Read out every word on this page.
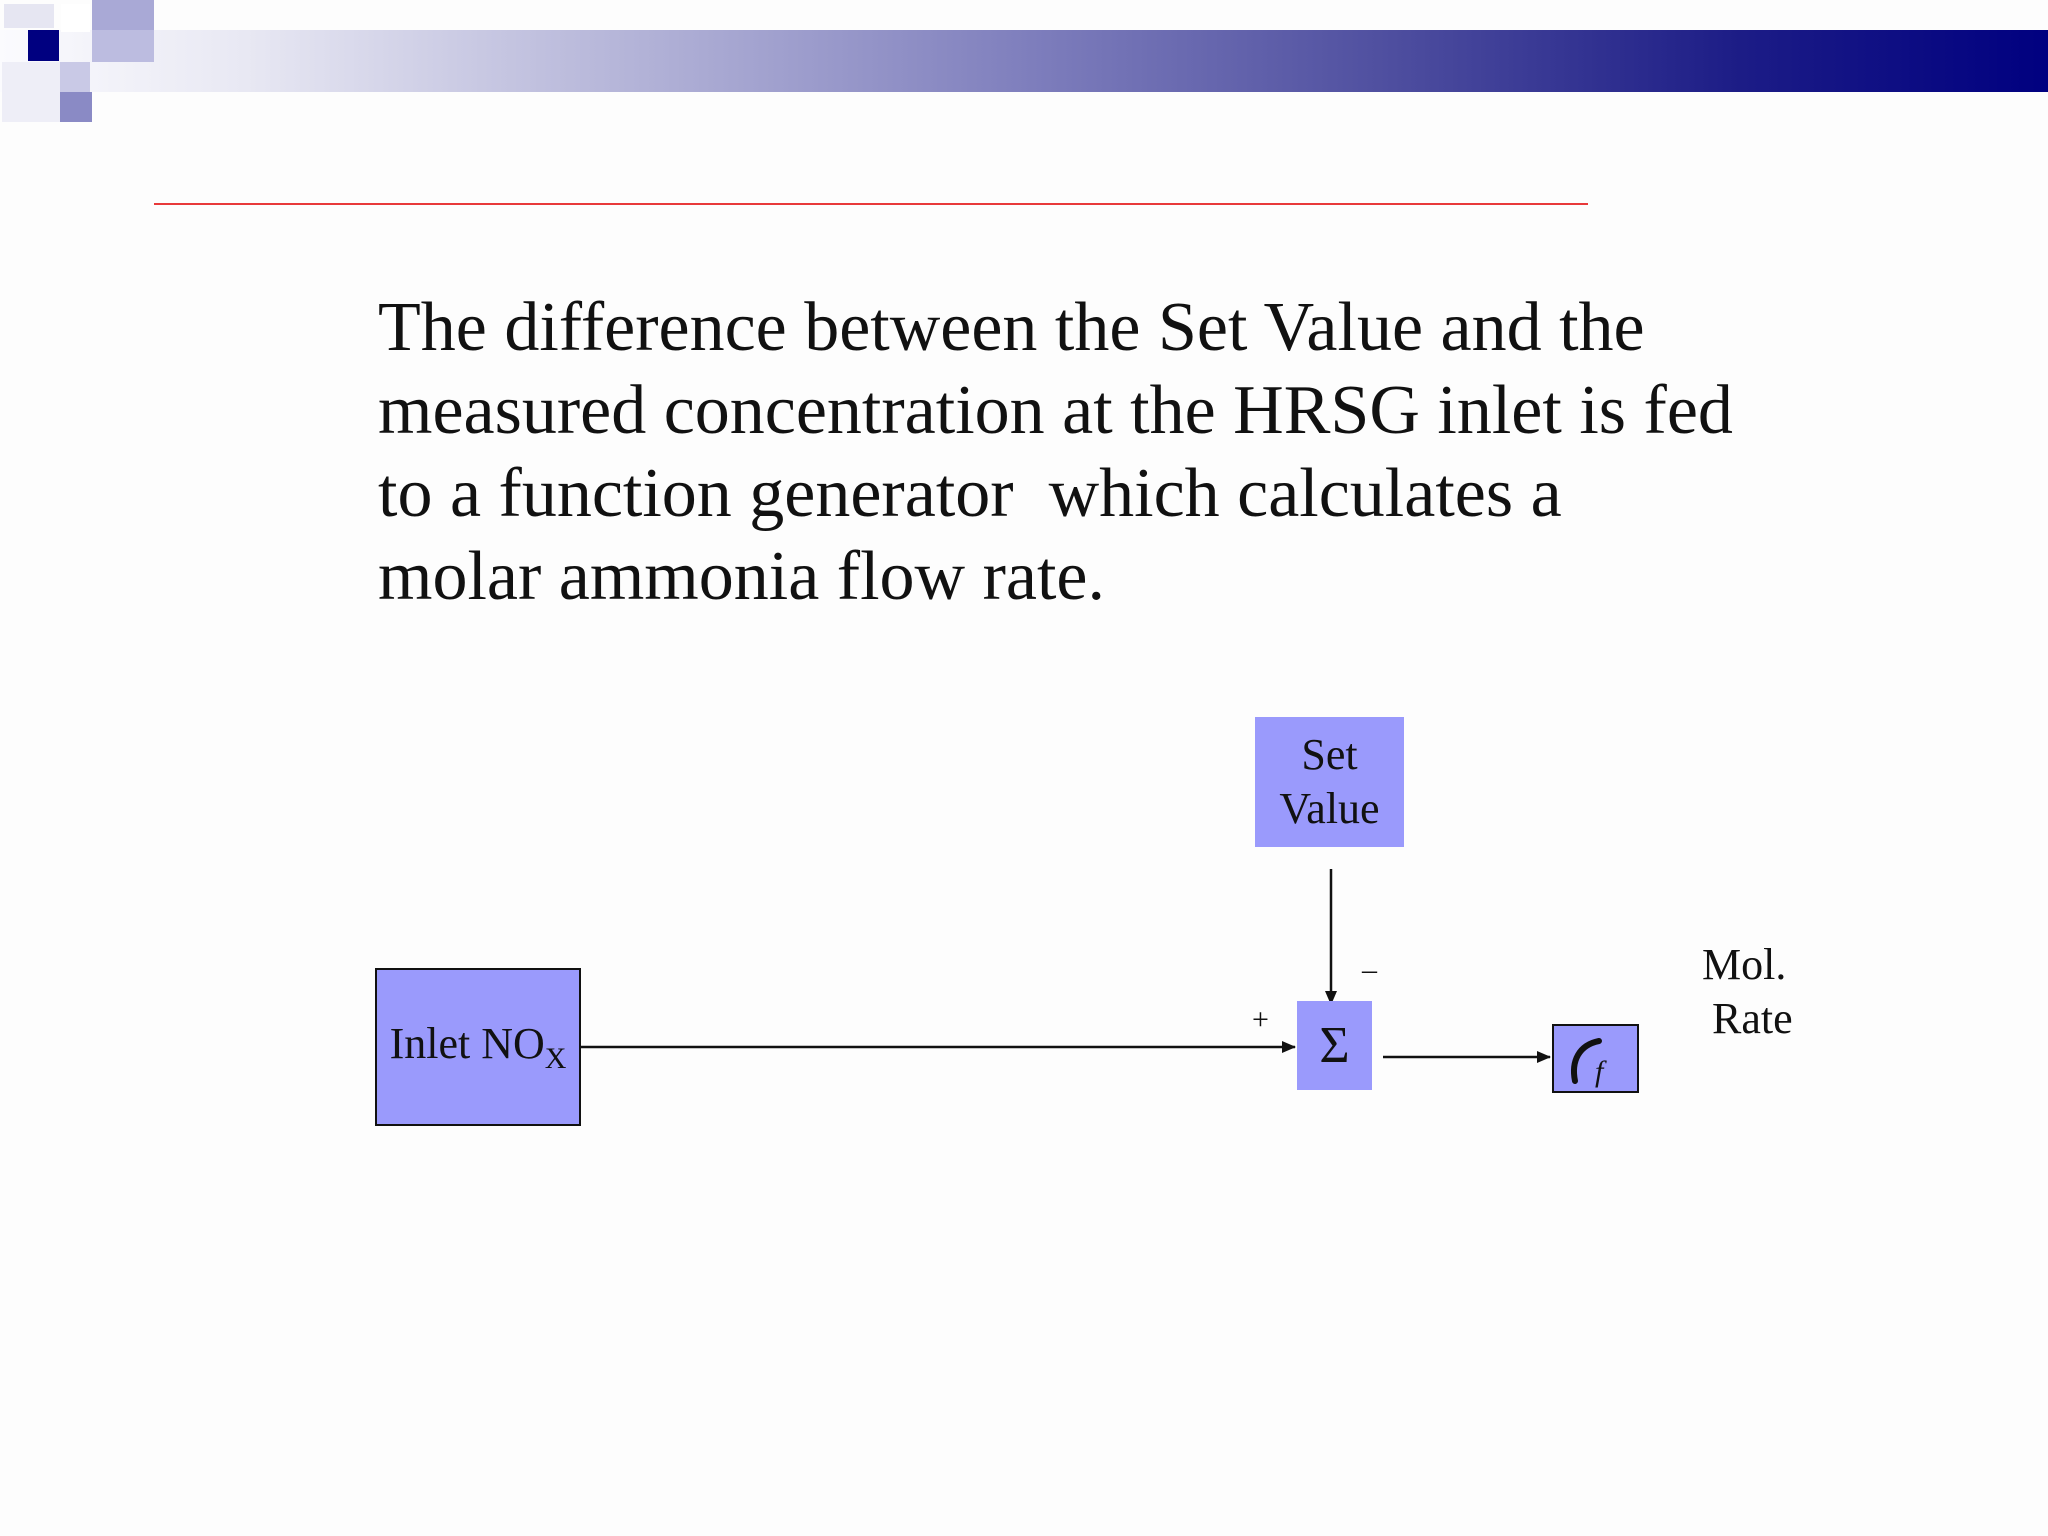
The difference between the Set Value and the
measured concentration at the HRSG inlet is fed
to a function generator  which calculates a
molar ammonia flow rate.
Set
Value
Inlet $NO_X$	Σ
+
–
f
Mol.
Rate
